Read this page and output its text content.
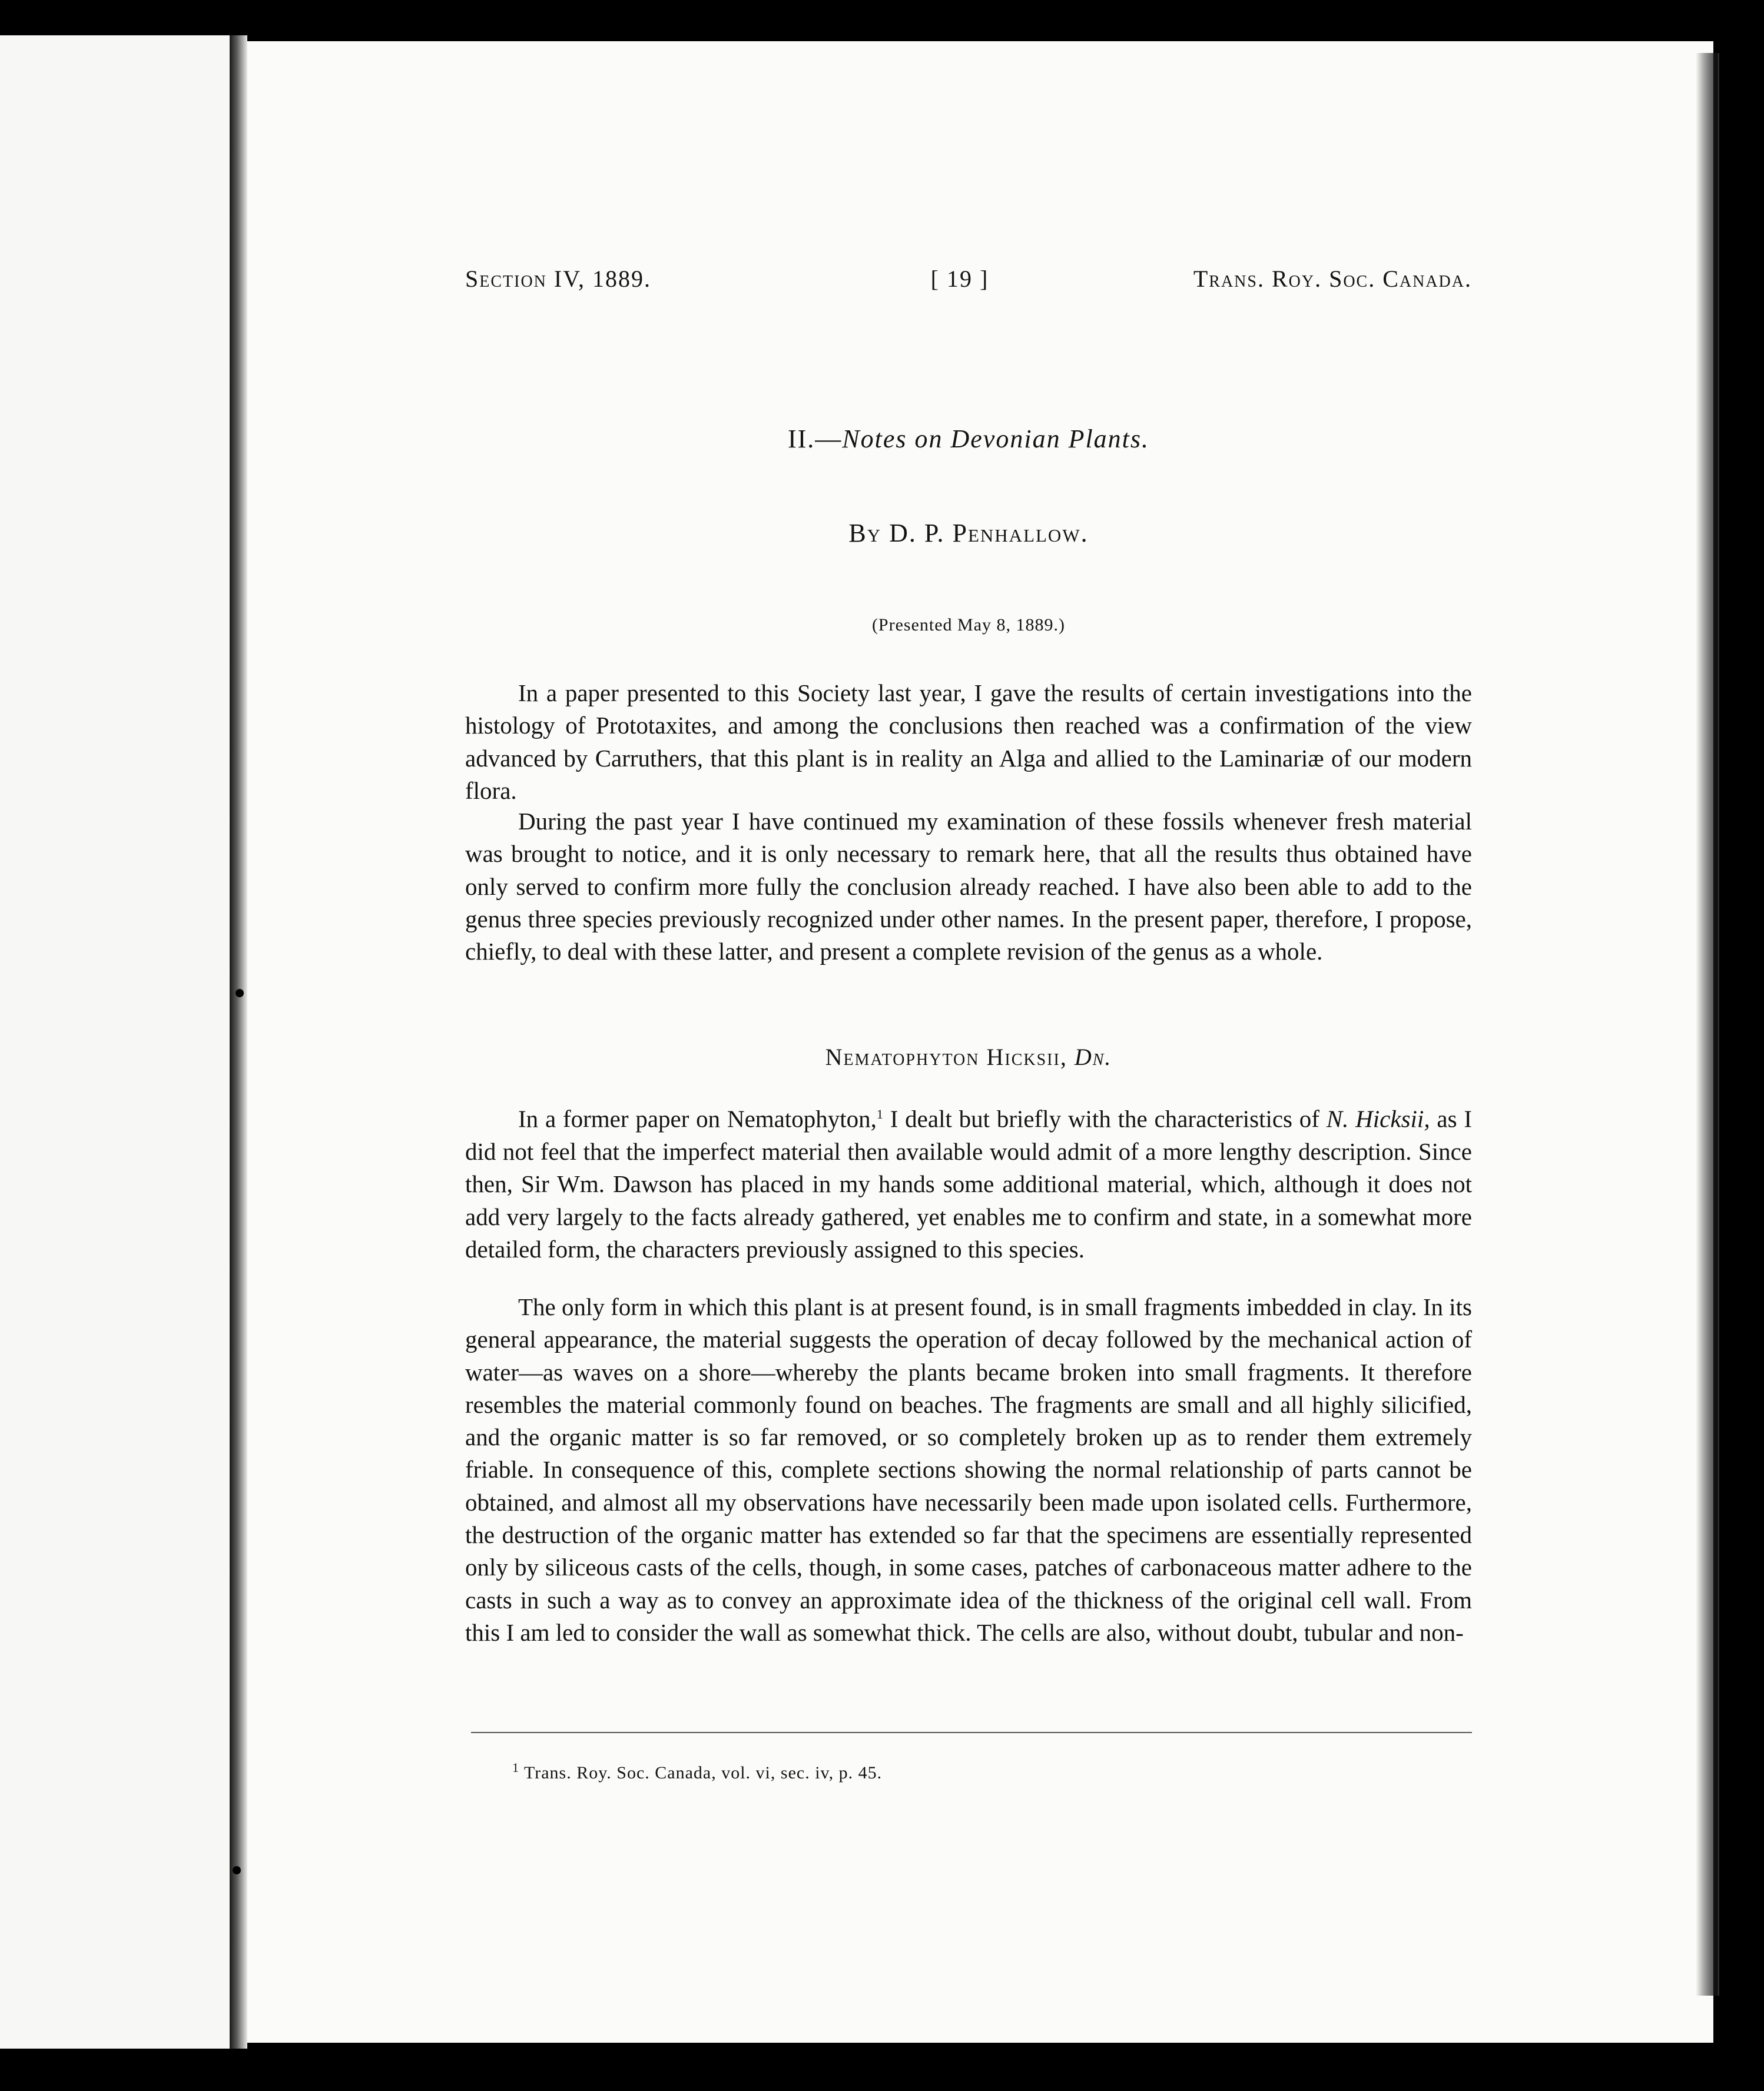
Section IV, 1889.	[ 19 ]	Trans. Roy. Soc. Canada.
II.—Notes on Devonian Plants.
By D. P. Penhallow.
(Presented May 8, 1889.)

In a paper presented to this Society last year, I gave the results of certain investigations into the histology of Prototaxites, and among the conclusions then reached was a confirmation of the view advanced by Carruthers, that this plant is in reality an Alga and allied to the Laminariæ of our modern flora.

During the past year I have continued my examination of these fossils whenever fresh material was brought to notice, and it is only necessary to remark here, that all the results thus obtained have only served to confirm more fully the conclusion already reached. I have also been able to add to the genus three species previously recognized under other names. In the present paper, therefore, I propose, chiefly, to deal with these latter, and present a complete revision of the genus as a whole.

Nematophyton Hicksii, Dn.

In a former paper on Nematophyton,$^1$ I dealt but briefly with the characteristics of N. Hicksii, as I did not feel that the imperfect material then available would admit of a more lengthy description. Since then, Sir Wm. Dawson has placed in my hands some additional material, which, although it does not add very largely to the facts already gathered, yet enables me to confirm and state, in a somewhat more detailed form, the characters previously assigned to this species.

The only form in which this plant is at present found, is in small fragments imbedded in clay. In its general appearance, the material suggests the operation of decay followed by the mechanical action of water—as waves on a shore—whereby the plants became broken into small fragments. It therefore resembles the material commonly found on beaches. The fragments are small and all highly silicified, and the organic matter is so far removed, or so completely broken up as to render them extremely friable. In consequence of this, complete sections showing the normal relationship of parts cannot be obtained, and almost all my observations have necessarily been made upon isolated cells. Furthermore, the destruction of the organic matter has extended so far that the specimens are essentially represented only by siliceous casts of the cells, though, in some cases, patches of carbonaceous matter adhere to the casts in such a way as to convey an approximate idea of the thickness of the original cell wall. From this I am led to consider the wall as somewhat thick. The cells are also, without doubt, tubular and non-

$^1$ Trans. Roy. Soc. Canada, vol. vi, sec. iv, p. 45.
